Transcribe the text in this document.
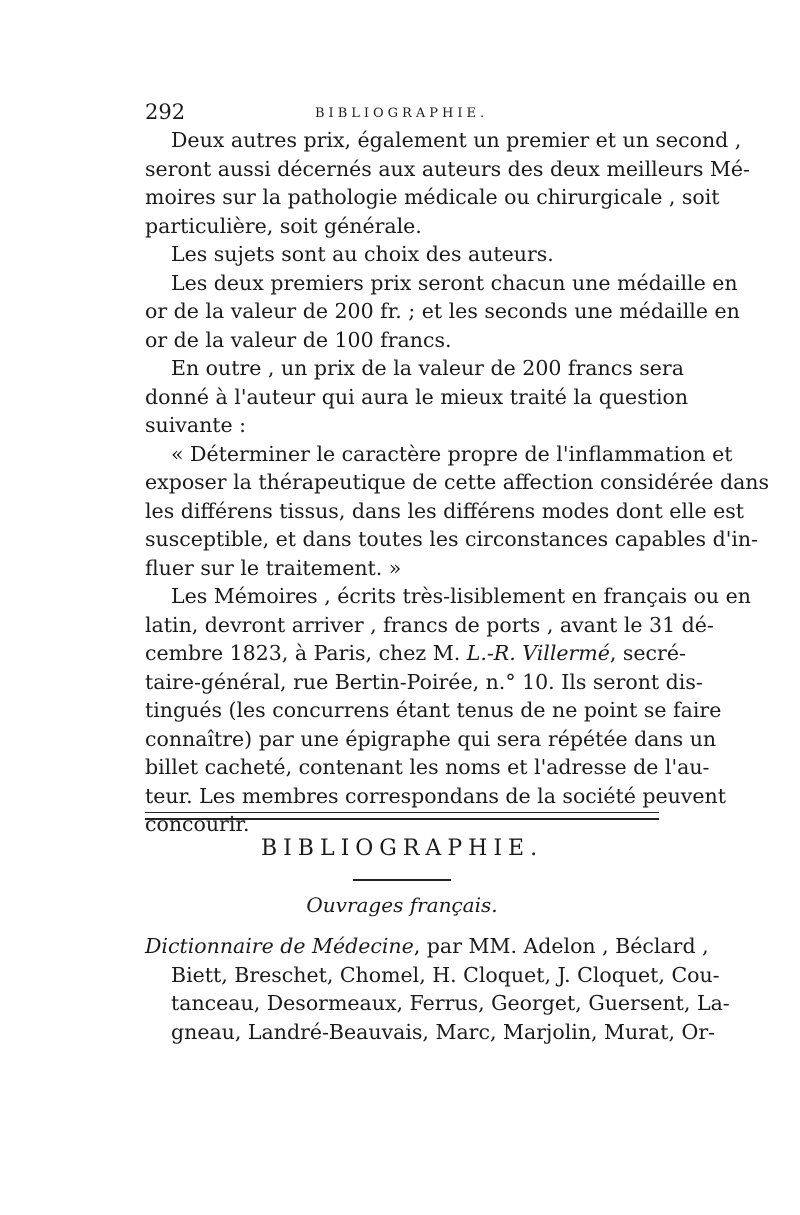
292	BIBLIOGRAPHIE.

Deux autres prix, également un premier et un second ,
seront aussi décernés aux auteurs des deux meilleurs Mé-
moires sur la pathologie médicale ou chirurgicale , soit
particulière, soit générale.

Les sujets sont au choix des auteurs.

Les deux premiers prix seront chacun une médaille en
or de la valeur de 200 fr. ; et les seconds une médaille en
or de la valeur de 100 francs.

En outre , un prix de la valeur de 200 francs sera
donné à l'auteur qui aura le mieux traité la question
suivante :

« Déterminer le caractère propre de l'inflammation et
exposer la thérapeutique de cette affection considérée dans
les différens tissus, dans les différens modes dont elle est
susceptible, et dans toutes les circonstances capables d'in-
fluer sur le traitement. »

Les Mémoires , écrits très-lisiblement en français ou en
latin, devront arriver , francs de ports , avant le 31 dé-
cembre 1823, à Paris, chez M. L.-R. Villermé, secré-
taire-général, rue Bertin-Poirée, n.° 10. Ils seront dis-
tingués (les concurrens étant tenus de ne point se faire
connaître) par une épigraphe qui sera répétée dans un
billet cacheté, contenant les noms et l'adresse de l'au-
teur. Les membres correspondans de la société peuvent
concourir.

BIBLIOGRAPHIE.
Ouvrages français.
Dictionnaire de Médecine, par MM. Adelon , Béclard ,
Biett, Breschet, Chomel, H. Cloquet, J. Cloquet, Cou-
tanceau, Desormeaux, Ferrus, Georget, Guersent, La-
gneau, Landré-Beauvais, Marc, Marjolin, Murat, Or-
